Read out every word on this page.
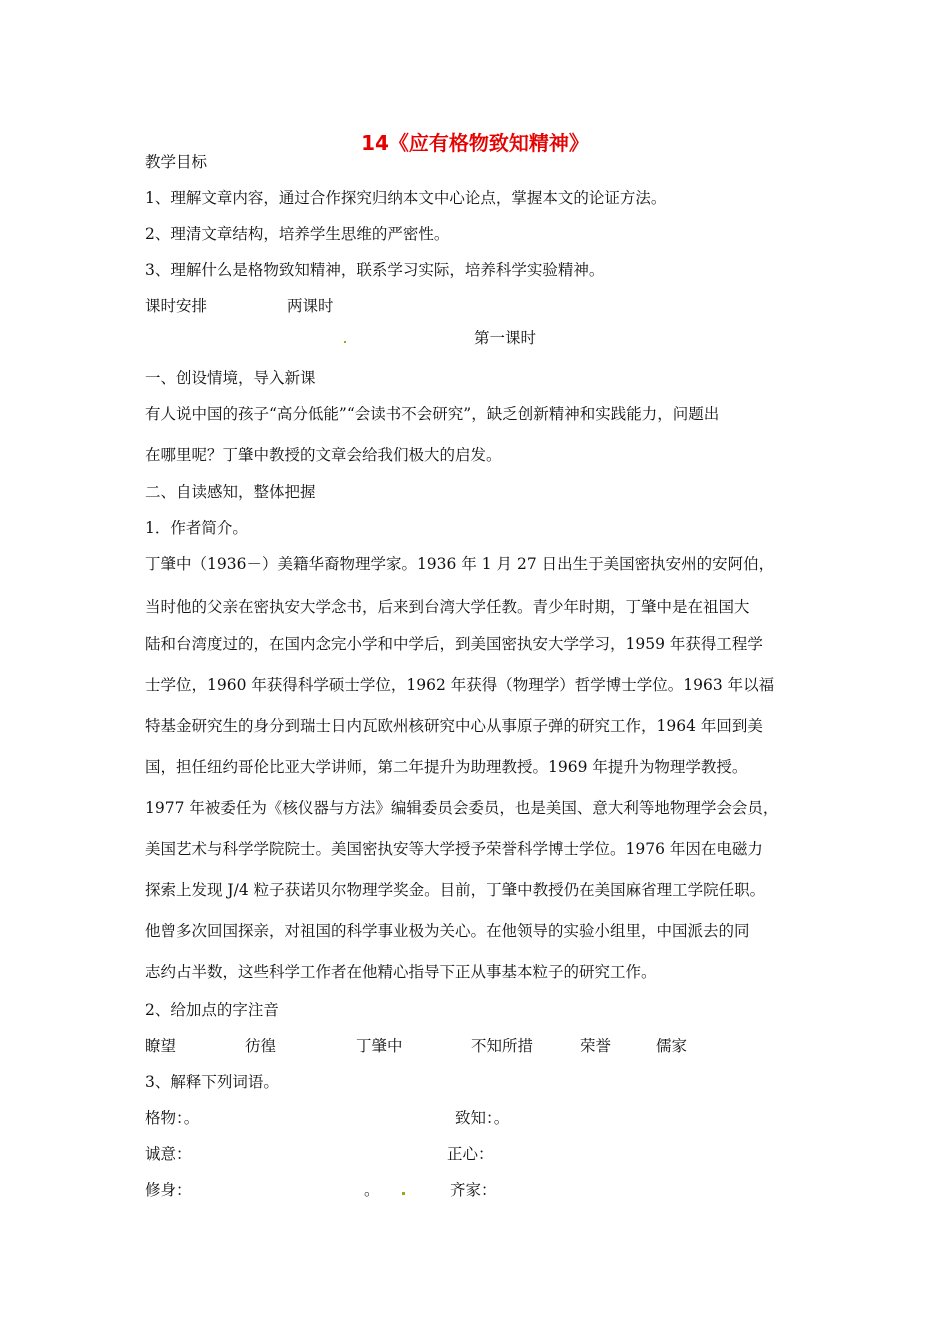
14《应有格物致知精神》
教学目标
1、理解文章内容，通过合作探究归纳本文中心论点，掌握本文的论证方法。
2、理清文章结构，培养学生思维的严密性。
3、理解什么是格物致知精神，联系学习实际，培养科学实验精神。
课时安排	两课时
第一课时
一、创设情境，导入新课
有人说中国的孩子“高分低能”“会读书不会研究”，缺乏创新精神和实践能力，问题出
在哪里呢？丁肇中教授的文章会给我们极大的启发。
二、自读感知，整体把握
1．作者简介。
丁肇中（1936－）美籍华裔物理学家。1936 年 1 月 27 日出生于美国密执安州的安阿伯，
当时他的父亲在密执安大学念书，后来到台湾大学任教。青少年时期，丁肇中是在祖国大
陆和台湾度过的，在国内念完小学和中学后，到美国密执安大学学习，1959 年获得工程学
士学位，1960 年获得科学硕士学位，1962 年获得（物理学）哲学博士学位。1963 年以福
特基金研究生的身分到瑞士日内瓦欧州核研究中心从事原子弹的研究工作，1964 年回到美
国，担任纽约哥伦比亚大学讲师，第二年提升为助理教授。1969 年提升为物理学教授。
1977 年被委任为《核仪器与方法》编辑委员会委员，也是美国、意大利等地物理学会会员，
美国艺术与科学学院院士。美国密执安等大学授予荣誉科学博士学位。1976 年因在电磁力
探索上发现 J/4 粒子获诺贝尔物理学奖金。目前，丁肇中教授仍在美国麻省理工学院任职。
他曾多次回国探亲，对祖国的科学事业极为关心。在他领导的实验小组里，中国派去的同
志约占半数，这些科学工作者在他精心指导下正从事基本粒子的研究工作。
2、给加点的字注音
瞭望	彷徨	丁肇中	不知所措	荣誉	儒家
3、解释下列词语。
格物：。	致知：。
诚意：	正心：
修身：	。	齐家：
